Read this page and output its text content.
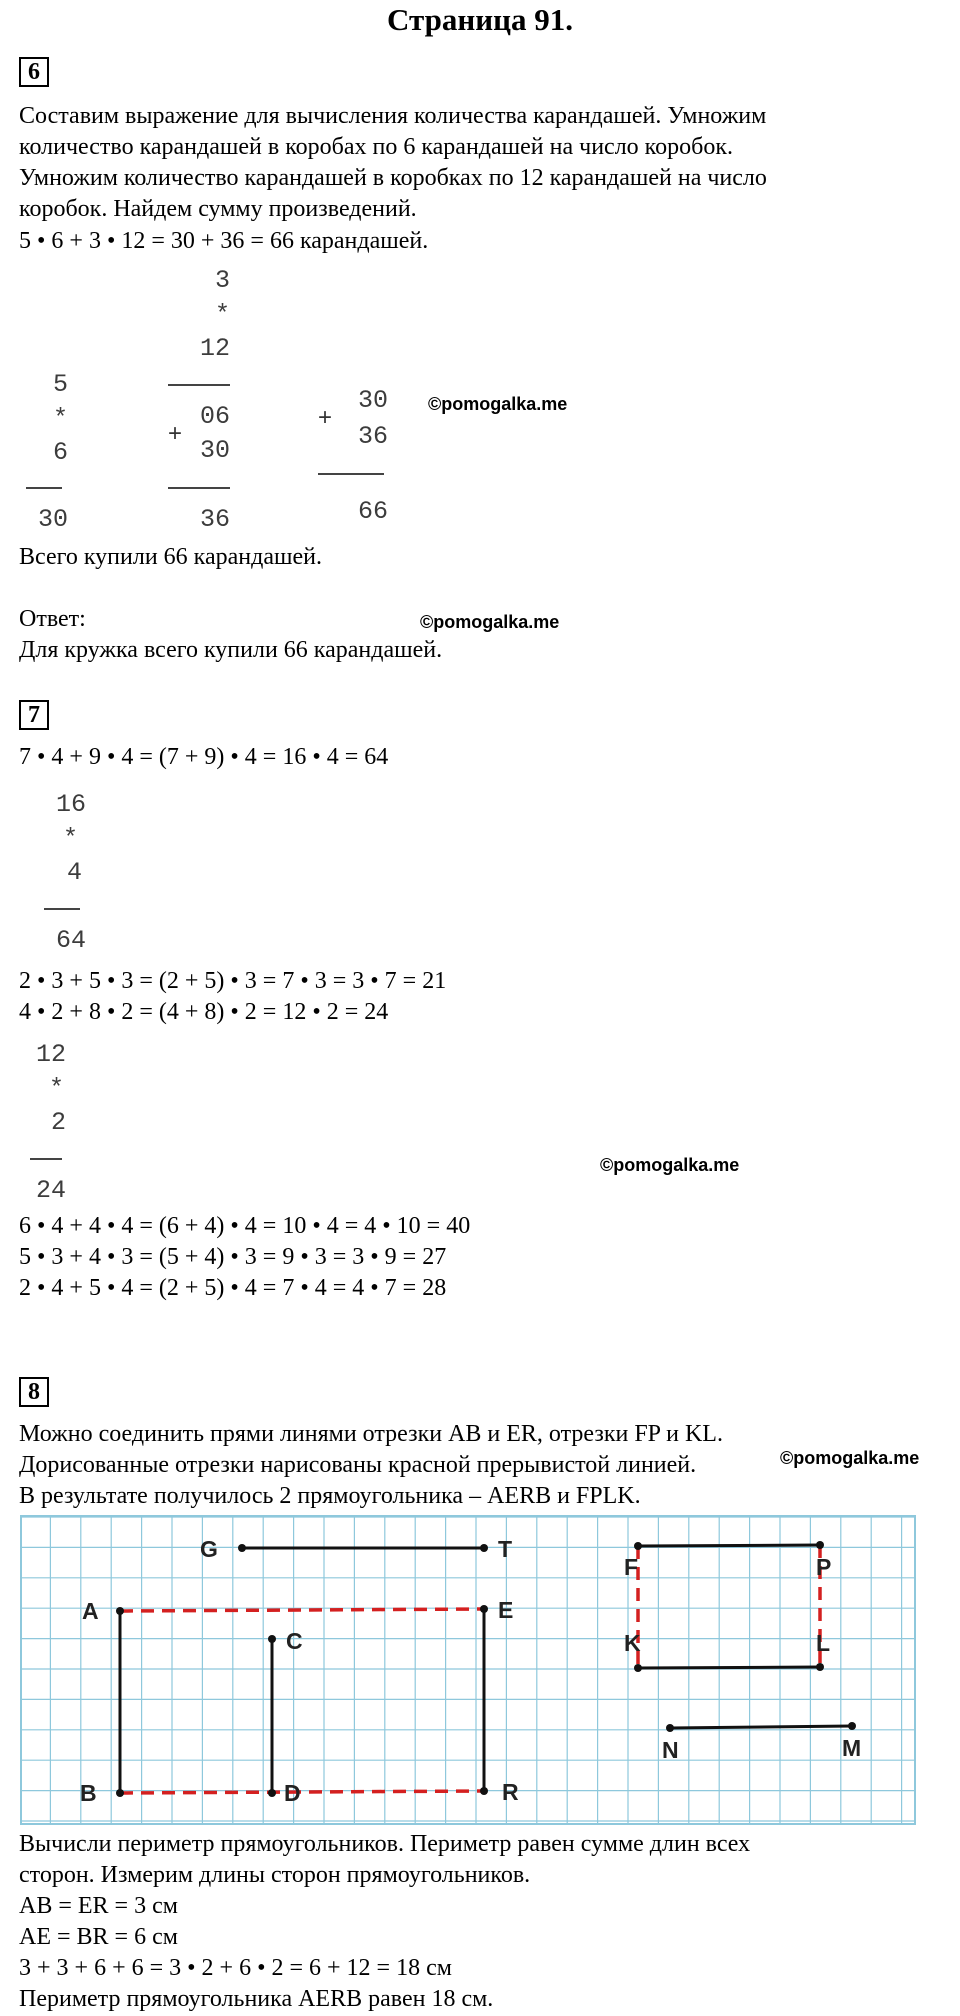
Страница 91.
6
Составим выражение для вычисления количества карандашей. Умножим
количество карандашей в коробах по 6 карандашей на число коробок.
Умножим количество карандашей в коробках по 12 карандашей на число
коробок. Найдем сумму произведений.
5 • 6 + 3 • 12 = 30 + 36 = 66 карандашей.
5
*
6
30
3
*
12
06
+
30
36
+
30
36
66
©pomogalka.me
Всего купили 66 карандашей.
Ответ:	©pomogalka.me
Для кружка всего купили 66 карандашей.
7
7 • 4 + 9 • 4 = (7 + 9) • 4 = 16 • 4 = 64
16
*
4
64
2 • 3 + 5 • 3 = (2 + 5) • 3 = 7 • 3 = 3 • 7 = 21
4 • 2 + 8 • 2 = (4 + 8) • 2 = 12 • 2 = 24
12
*
2
24
©pomogalka.me
6 • 4 + 4 • 4 = (6 + 4) • 4 = 10 • 4 = 4 • 10 = 40
5 • 3 + 4 • 3 = (5 + 4) • 3 = 9 • 3 = 3 • 9 = 27
2 • 4 + 5 • 4 = (2 + 5) • 4 = 7 • 4 = 4 • 7 = 28
8
Можно соединить прями линями отрезки AB и ER, отрезки FP и KL.
Дорисованные отрезки нарисованы красной прерывистой линией.	©pomogalka.me
В результате получилось 2 прямоугольника – AERB и FPLK.
G	T
A	E
C
B	D	R
F	P
K	L
N	M
Вычисли периметр прямоугольников. Периметр равен сумме длин всех
сторон. Измерим длины сторон прямоугольников.
AB = ER = 3 см
AE = BR = 6 см
3 + 3 + 6 + 6 = 3 • 2 + 6 • 2 = 6 + 12 = 18 см
Периметр прямоугольника AERB равен 18 см.
